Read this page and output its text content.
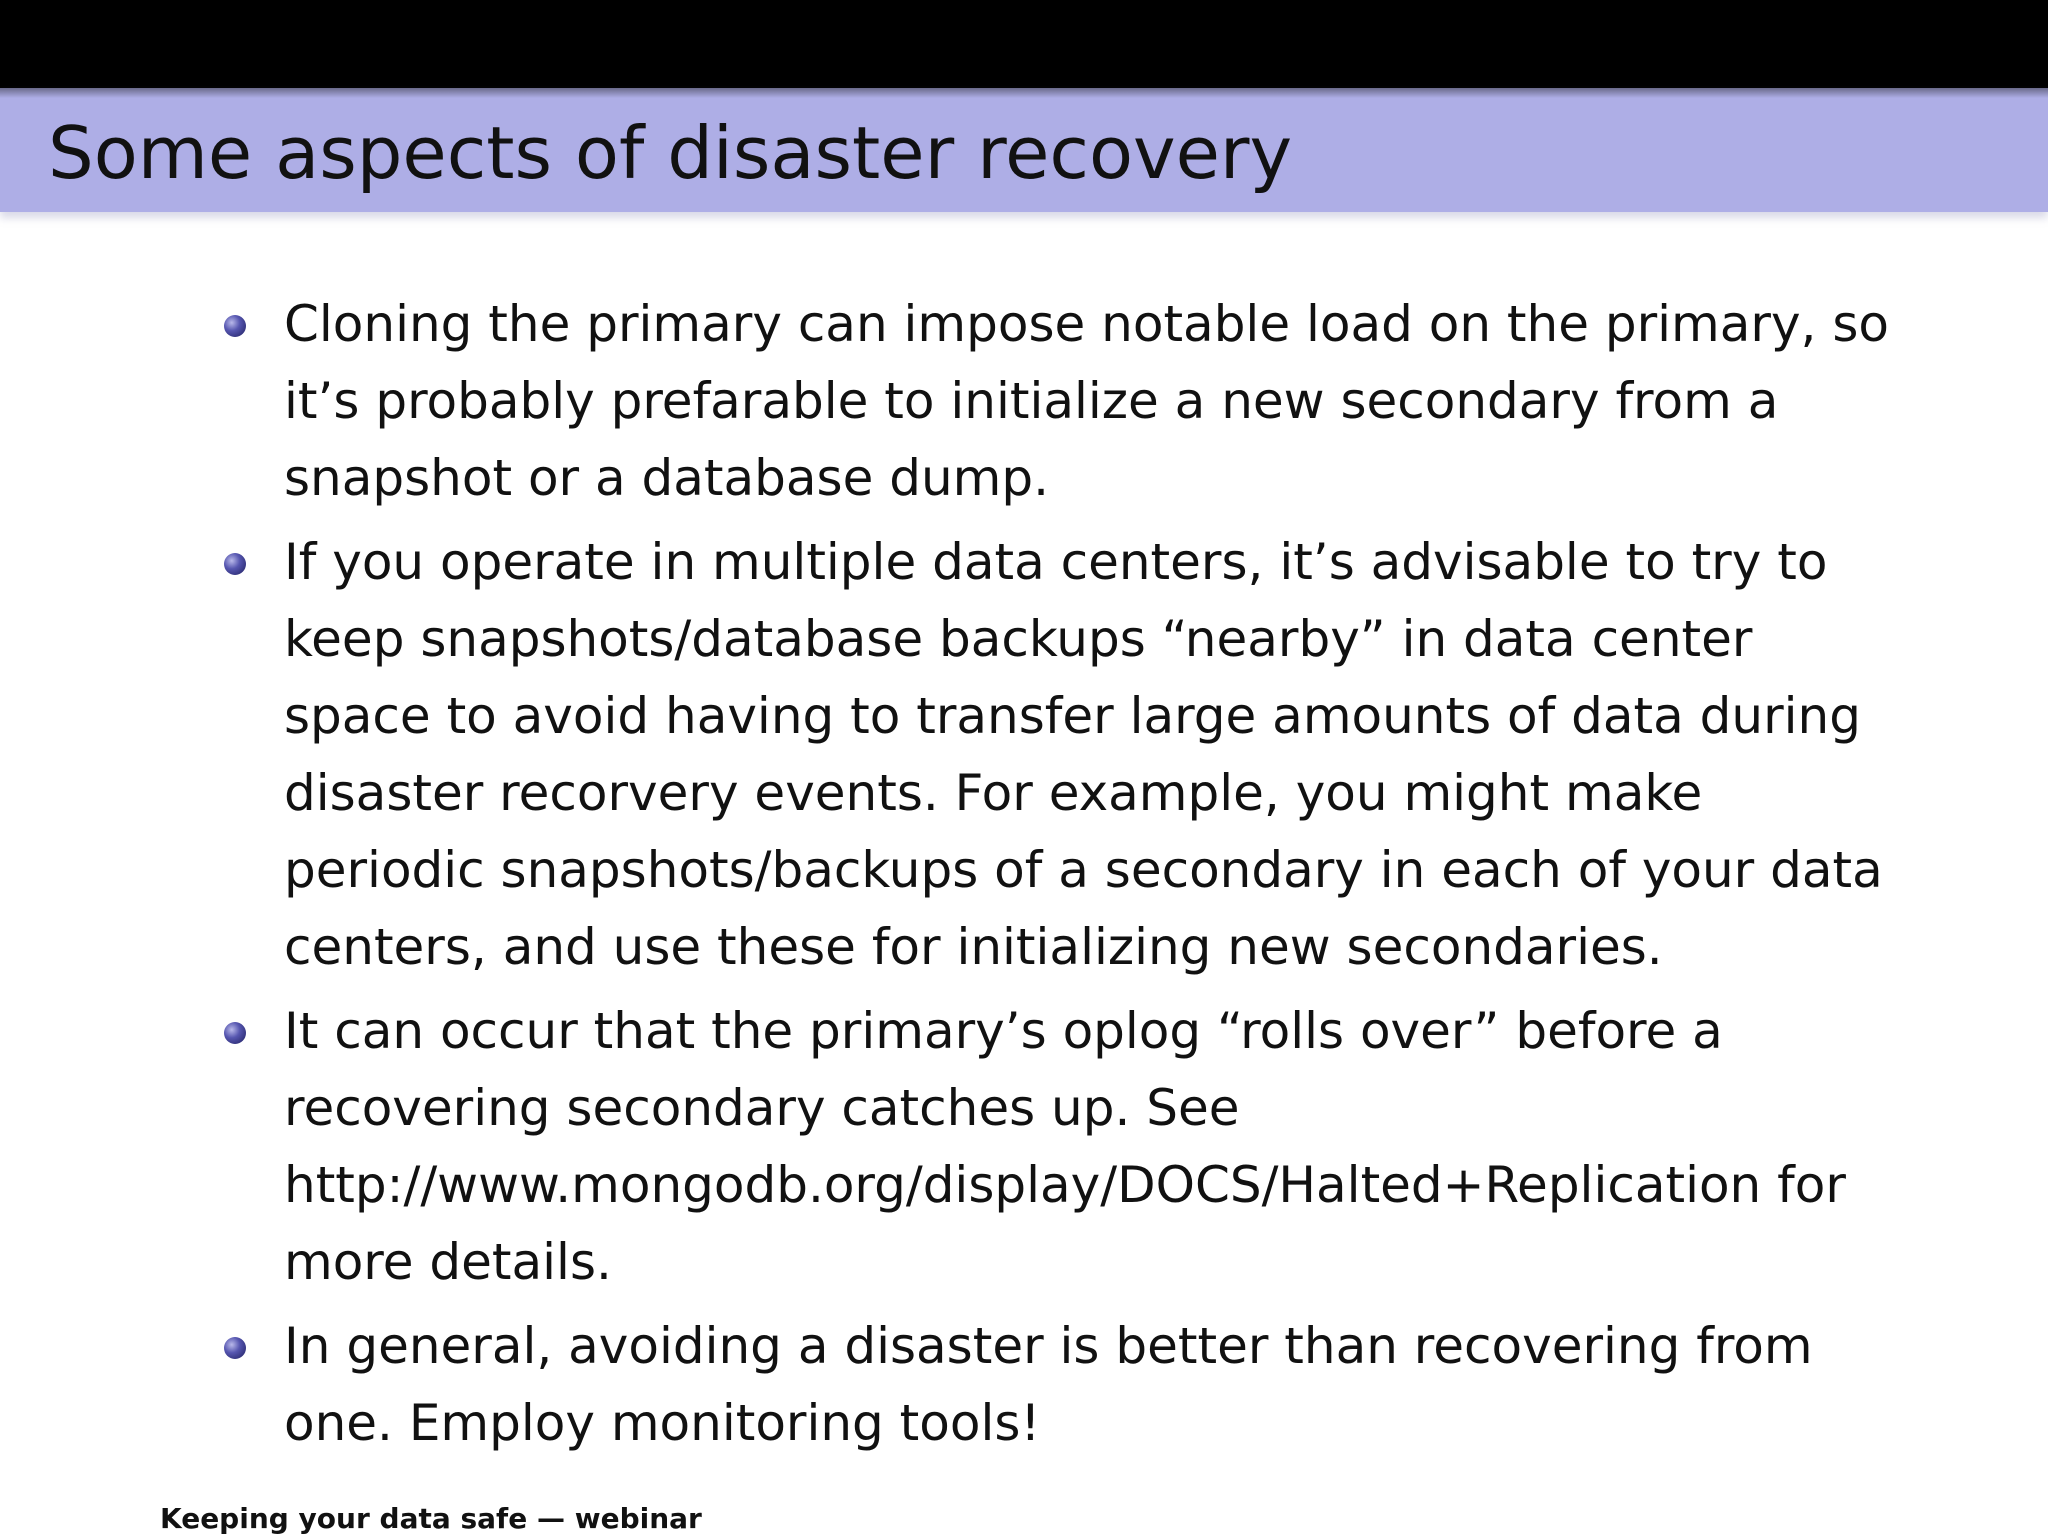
Some aspects of disaster recovery
Cloning the primary can impose notable load on the primary, so it’s probably prefarable to initialize a new secondary from a snapshot or a database dump.
If you operate in multiple data centers, it’s advisable to try to keep snapshots/database backups “nearby” in data center space to avoid having to transfer large amounts of data during disaster recorvery events. For example, you might make periodic snapshots/backups of a secondary in each of your data centers, and use these for initializing new secondaries.
It can occur that the primary’s oplog “rolls over” before a recovering secondary catches up. See http://www.mongodb.org/display/DOCS/Halted+Replication for more details.
In general, avoiding a disaster is better than recovering from one. Employ monitoring tools!
Keeping your data safe — webinar
